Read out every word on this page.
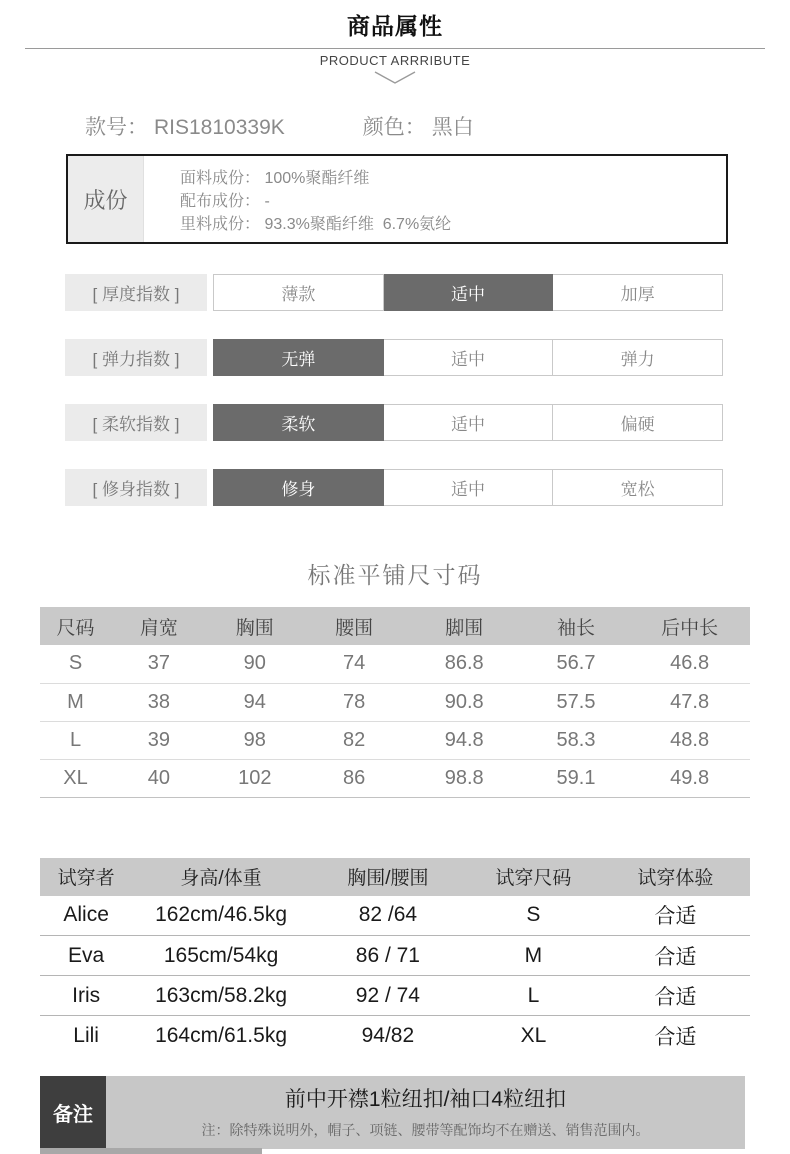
商品属性
PRODUCT ARRRIBUTE
款号： RIS1810339K	颜色： 黑白
成份
面料成份： 100%聚酯纤维
配布成份： -
里料成份： 93.3%聚酯纤维  6.7%氨纶
[ 厚度指数 ]	薄款	适中	加厚
[ 弹力指数 ]	无弹	适中	弹力
[ 柔软指数 ]	柔软	适中	偏硬
[ 修身指数 ]	修身	适中	宽松
标准平铺尺寸码
尺码	肩宽	胸围	腰围	脚围	袖长	后中长
S	37	90	74	86.8	56.7	46.8
M	38	94	78	90.8	57.5	47.8
L	39	98	82	94.8	58.3	48.8
XL	40	102	86	98.8	59.1	49.8
试穿者	身高/体重	胸围/腰围	试穿尺码	试穿体验
Alice	162cm/46.5kg	82 /64	S	合适
Eva	165cm/54kg	86 / 71	M	合适
Iris	163cm/58.2kg	92 / 74	L	合适
Lili	164cm/61.5kg	94/82	XL	合适
备注
前中开襟1粒纽扣/袖口4粒纽扣
注：除特殊说明外，帽子、项链、腰带等配饰均不在赠送、销售范围内。
